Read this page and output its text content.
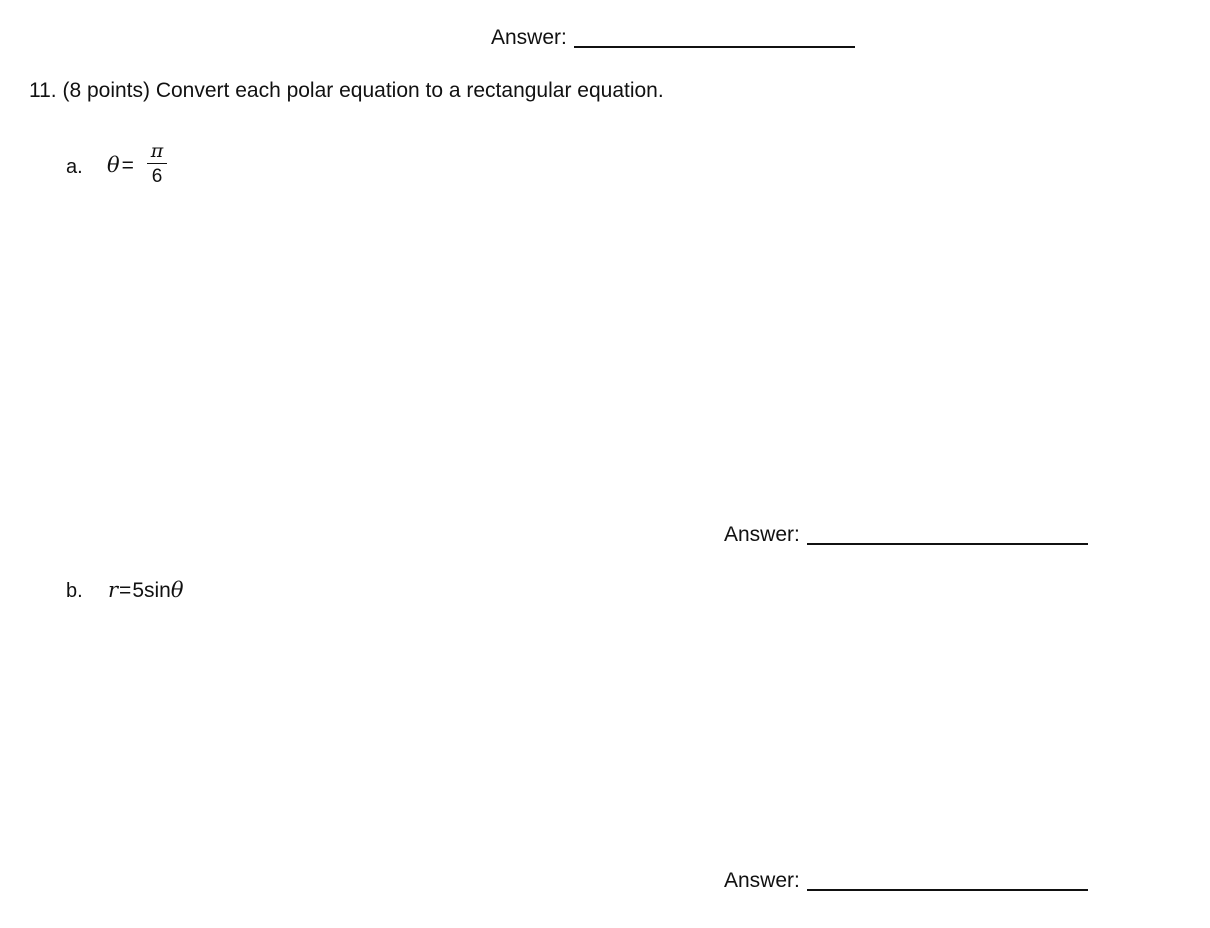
Answer:
11. (8 points) Convert each polar equation to a rectangular equation.
a. θ=
π
6
Answer:
b. r=5sinθ
Answer:
